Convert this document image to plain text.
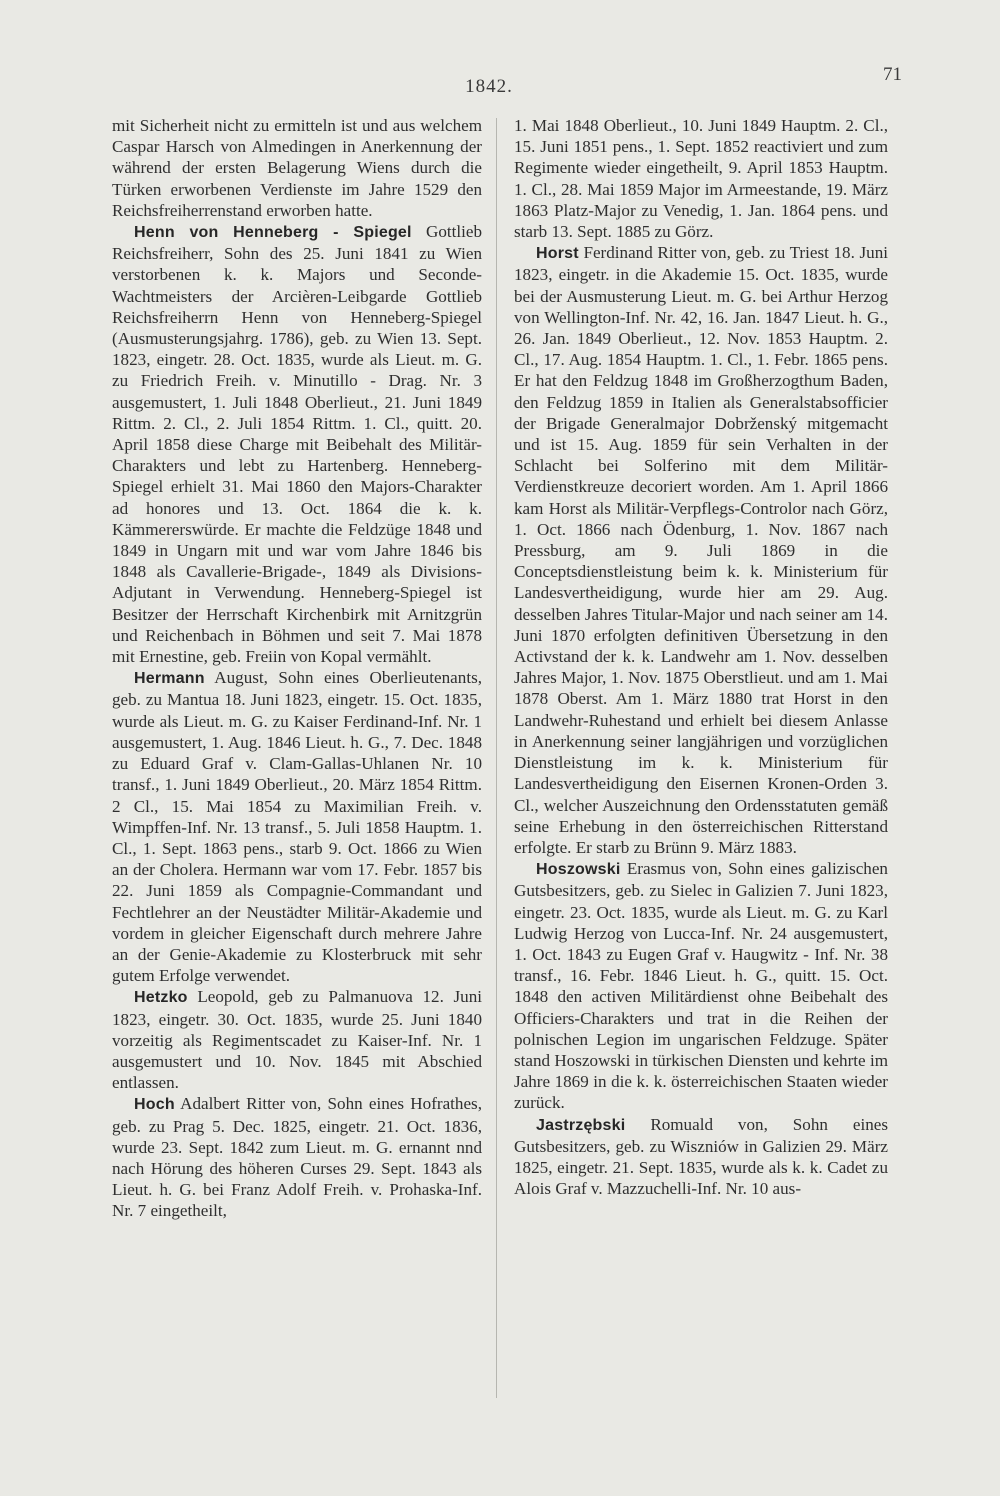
1842.
71

mit Sicherheit nicht zu ermitteln ist und aus welchem Caspar Harsch von Almedingen in Anerkennung der während der ersten Belagerung Wiens durch die Türken erworbenen Verdienste im Jahre 1529 den Reichsfreiherrenstand erworben hatte.

Henn von Henneberg - Spiegel Gottlieb Reichsfreiherr, Sohn des 25. Juni 1841 zu Wien verstorbenen k. k. Majors und Seconde-Wachtmeisters der Arcièren-Leibgarde Gottlieb Reichsfreiherrn Henn von Henneberg-Spiegel (Ausmusterungsjahrg. 1786), geb. zu Wien 13. Sept. 1823, eingetr. 28. Oct. 1835, wurde als Lieut. m. G. zu Friedrich Freih. v. Minutillo - Drag. Nr. 3 ausgemustert, 1. Juli 1848 Oberlieut., 21. Juni 1849 Rittm. 2. Cl., 2. Juli 1854 Rittm. 1. Cl., quitt. 20. April 1858 diese Charge mit Beibehalt des Militär-Charakters und lebt zu Hartenberg. Henneberg-Spiegel erhielt 31. Mai 1860 den Majors-Charakter ad honores und 13. Oct. 1864 die k. k. Kämmererswürde. Er machte die Feldzüge 1848 und 1849 in Ungarn mit und war vom Jahre 1846 bis 1848 als Cavallerie-Brigade-, 1849 als Divisions-Adjutant in Verwendung. Henneberg-Spiegel ist Besitzer der Herrschaft Kirchenbirk mit Arnitzgrün und Reichenbach in Böhmen und seit 7. Mai 1878 mit Ernestine, geb. Freiin von Kopal vermählt.

Hermann August, Sohn eines Oberlieutenants, geb. zu Mantua 18. Juni 1823, eingetr. 15. Oct. 1835, wurde als Lieut. m. G. zu Kaiser Ferdinand-Inf. Nr. 1 ausgemustert, 1. Aug. 1846 Lieut. h. G., 7. Dec. 1848 zu Eduard Graf v. Clam-Gallas-Uhlanen Nr. 10 transf., 1. Juni 1849 Oberlieut., 20. März 1854 Rittm. 2 Cl., 15. Mai 1854 zu Maximilian Freih. v. Wimpffen-Inf. Nr. 13 transf., 5. Juli 1858 Hauptm. 1. Cl., 1. Sept. 1863 pens., starb 9. Oct. 1866 zu Wien an der Cholera. Hermann war vom 17. Febr. 1857 bis 22. Juni 1859 als Compagnie-Commandant und Fechtlehrer an der Neustädter Militär-Akademie und vordem in gleicher Eigenschaft durch mehrere Jahre an der Genie-Akademie zu Klosterbruck mit sehr gutem Erfolge verwendet.

Hetzko Leopold, geb zu Palmanuova 12. Juni 1823, eingetr. 30. Oct. 1835, wurde 25. Juni 1840 vorzeitig als Regimentscadet zu Kaiser-Inf. Nr. 1 ausgemustert und 10. Nov. 1845 mit Abschied entlassen.

Hoch Adalbert Ritter von, Sohn eines Hofrathes, geb. zu Prag 5. Dec. 1825, eingetr. 21. Oct. 1836, wurde 23. Sept. 1842 zum Lieut. m. G. ernannt nnd nach Hörung des höheren Curses 29. Sept. 1843 als Lieut. h. G. bei Franz Adolf Freih. v. Prohaska-Inf. Nr. 7 eingetheilt,

1. Mai 1848 Oberlieut., 10. Juni 1849 Hauptm. 2. Cl., 15. Juni 1851 pens., 1. Sept. 1852 reactiviert und zum Regimente wieder eingetheilt, 9. April 1853 Hauptm. 1. Cl., 28. Mai 1859 Major im Armeestande, 19. März 1863 Platz-Major zu Venedig, 1. Jan. 1864 pens. und starb 13. Sept. 1885 zu Görz.

Horst Ferdinand Ritter von, geb. zu Triest 18. Juni 1823, eingetr. in die Akademie 15. Oct. 1835, wurde bei der Ausmusterung Lieut. m. G. bei Arthur Herzog von Wellington-Inf. Nr. 42, 16. Jan. 1847 Lieut. h. G., 26. Jan. 1849 Oberlieut., 12. Nov. 1853 Hauptm. 2. Cl., 17. Aug. 1854 Hauptm. 1. Cl., 1. Febr. 1865 pens. Er hat den Feldzug 1848 im Großherzogthum Baden, den Feldzug 1859 in Italien als Generalstabsofficier der Brigade Generalmajor Dobrženský mitgemacht und ist 15. Aug. 1859 für sein Verhalten in der Schlacht bei Solferino mit dem Militär-Verdienstkreuze decoriert worden. Am 1. April 1866 kam Horst als Militär-Verpflegs-Controlor nach Görz, 1. Oct. 1866 nach Ödenburg, 1. Nov. 1867 nach Pressburg, am 9. Juli 1869 in die Conceptsdienstleistung beim k. k. Ministerium für Landesvertheidigung, wurde hier am 29. Aug. desselben Jahres Titular-Major und nach seiner am 14. Juni 1870 erfolgten definitiven Übersetzung in den Activstand der k. k. Landwehr am 1. Nov. desselben Jahres Major, 1. Nov. 1875 Oberstlieut. und am 1. Mai 1878 Oberst. Am 1. März 1880 trat Horst in den Landwehr-Ruhestand und erhielt bei diesem Anlasse in Anerkennung seiner langjährigen und vorzüglichen Dienstleistung im k. k. Ministerium für Landesvertheidigung den Eisernen Kronen-Orden 3. Cl., welcher Auszeichnung den Ordensstatuten gemäß seine Erhebung in den österreichischen Ritterstand erfolgte. Er starb zu Brünn 9. März 1883.

Hoszowski Erasmus von, Sohn eines galizischen Gutsbesitzers, geb. zu Sielec in Galizien 7. Juni 1823, eingetr. 23. Oct. 1835, wurde als Lieut. m. G. zu Karl Ludwig Herzog von Lucca-Inf. Nr. 24 ausgemustert, 1. Oct. 1843 zu Eugen Graf v. Haugwitz - Inf. Nr. 38 transf., 16. Febr. 1846 Lieut. h. G., quitt. 15. Oct. 1848 den activen Militärdienst ohne Beibehalt des Officiers-Charakters und trat in die Reihen der polnischen Legion im ungarischen Feldzuge. Später stand Hoszowski in türkischen Diensten und kehrte im Jahre 1869 in die k. k. österreichischen Staaten wieder zurück.

Jastrzębski Romuald von, Sohn eines Gutsbesitzers, geb. zu Wiszniów in Galizien 29. März 1825, eingetr. 21. Sept. 1835, wurde als k. k. Cadet zu Alois Graf v. Mazzuchelli-Inf. Nr. 10 aus-
